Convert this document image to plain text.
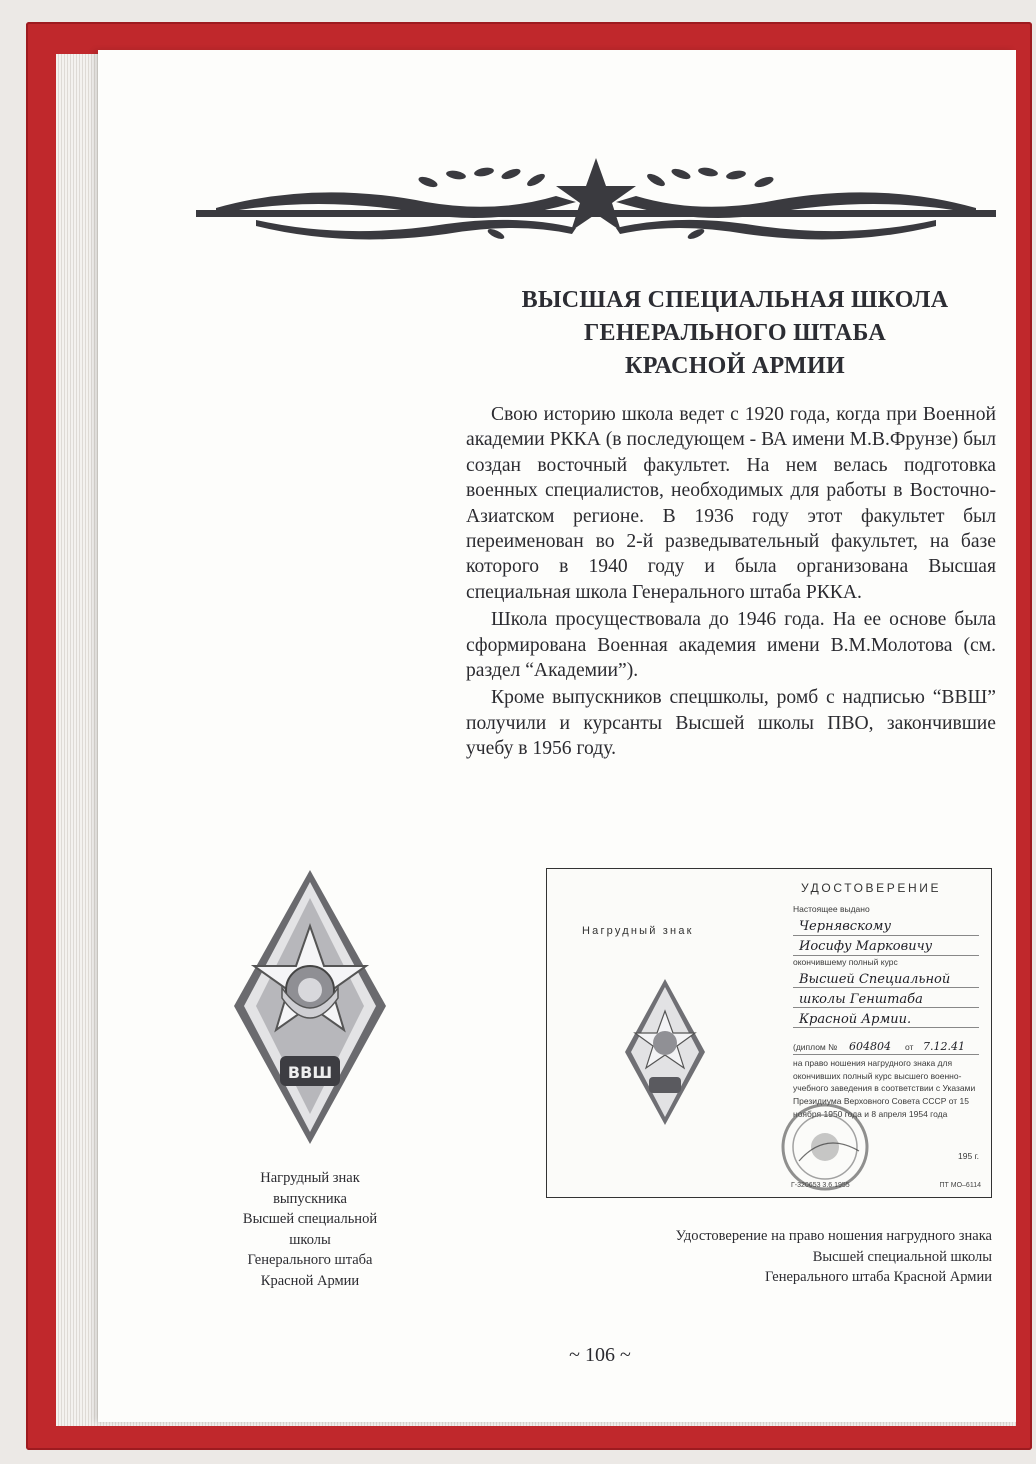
ВЫСШАЯ СПЕЦИАЛЬНАЯ ШКОЛА
ГЕНЕРАЛЬНОГО ШТАБА
КРАСНОЙ АРМИИ

Свою историю школа ведет с 1920 года, когда при Военной академии РККА (в последующем - ВА имени М.В.Фрунзе) был создан восточный факультет. На нем велась подготовка военных специалистов, необходимых для работы в Восточно-Азиатском регионе. В 1936 году этот факультет был переименован во 2-й разведывательный факультет, на базе которого в 1940 году и была организована Высшая специальная школа Генерального штаба РККА.

Школа просуществовала до 1946 года. На ее основе была сформирована Военная академия имени В.М.Молотова (см. раздел “Академии”).

Кроме выпускников спецшколы, ромб с надписью “ВВШ” получили и курсанты Высшей школы ПВО, закончившие учебу в 1956 году.

ВВШ
Нагрудный знак
выпускника
Высшей специальной
школы
Генерального штаба
Красной Армии
Нагрудный знак
УДОСТОВЕРЕНИЕ
Настоящее выдано
Чернявскому
Иосифу Марковичу
окончившему полный курс
Высшей Специальной
школы Генштаба
Красной Армии.
(диплом № 604804 от 7.12.41
на право ношения нагрудного знака для окончивших полный курс высшего военно-учебного заведения в соответствии с Указами Президиума Верховного Совета СССР от 15 ноября 1950 года и 8 апреля 1954 года
195 г.
Г-320653 3.6.1955	ПТ МО–6114
Удостоверение на право ношения нагрудного знака
Высшей специальной школы
Генерального штаба Красной Армии
~ 106 ~
